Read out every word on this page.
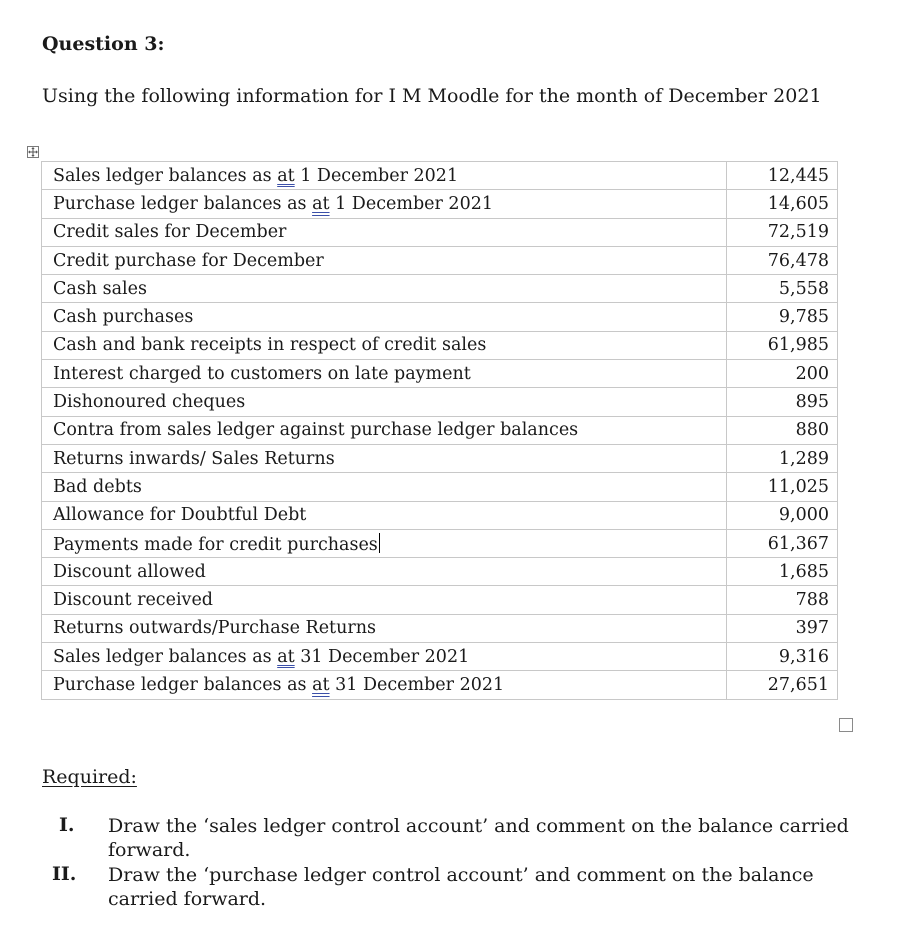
Question 3:
Using the following information for I M Moodle for the month of December 2021
Sales ledger balances as at 1 December 2021	12,445
Purchase ledger balances as at 1 December 2021	14,605
Credit sales for December	72,519
Credit purchase for December	76,478
Cash sales	5,558
Cash purchases	9,785
Cash and bank receipts in respect of credit sales	61,985
Interest charged to customers on late payment	200
Dishonoured cheques	895
Contra from sales ledger against purchase ledger balances	880
Returns inwards/ Sales Returns	1,289
Bad debts	11,025
Allowance for Doubtful Debt	9,000
Payments made for credit purchases	61,367
Discount allowed	1,685
Discount received	788
Returns outwards/Purchase Returns	397
Sales ledger balances as at 31 December 2021	9,316
Purchase ledger balances as at 31 December 2021	27,651
Required:
I. Draw the ‘sales ledger control account’ and comment on the balance carried forward.
II. Draw the ‘purchase ledger control account’ and comment on the balance carried forward.
